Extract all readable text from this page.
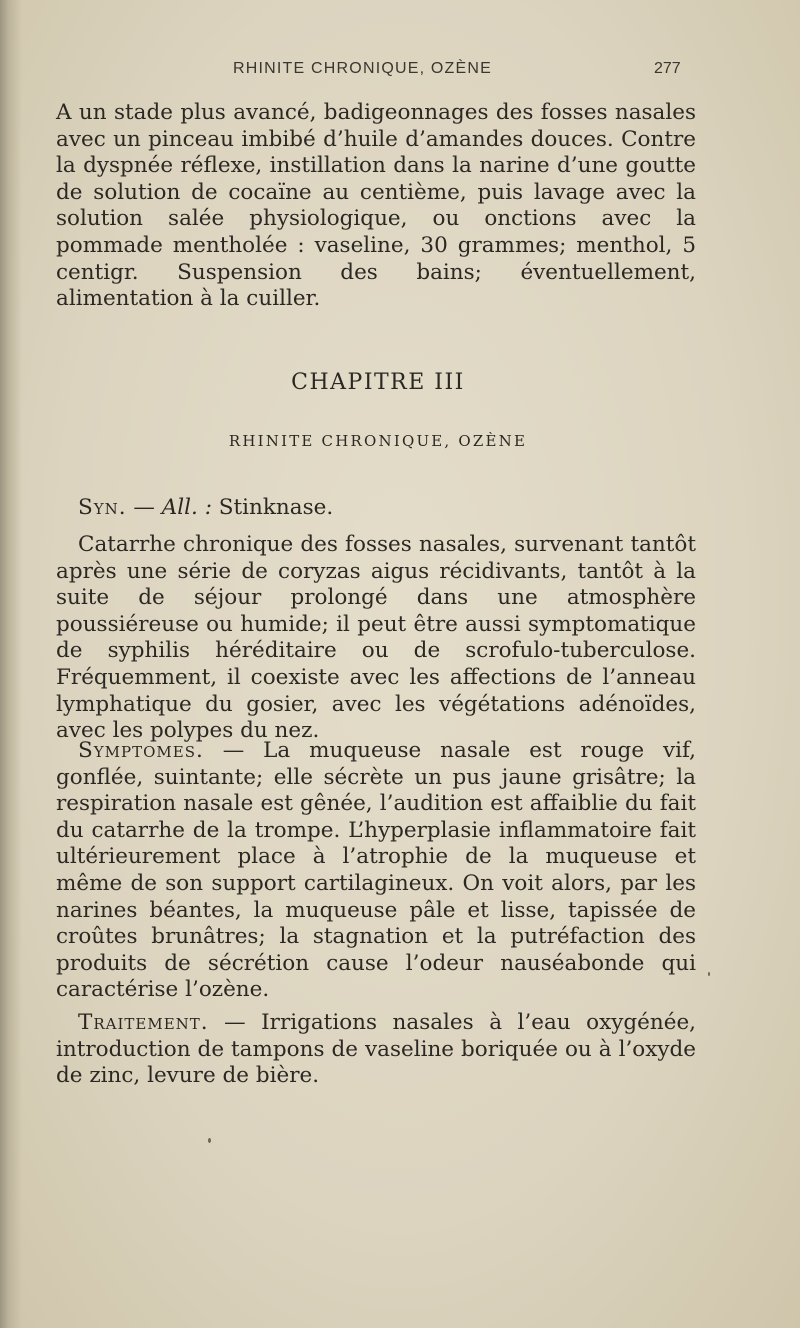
RHINITE CHRONIQUE, OZÈNE	277

A un stade plus avancé, badigeonnages des fosses nasales avec un pinceau imbibé d’huile d’amandes douces. Contre la dyspnée réflexe, instillation dans la narine d’une goutte de solution de cocaïne au centième, puis lavage avec la solution salée physiologique, ou onctions avec la pommade mentholée : vaseline, 30 grammes; menthol, 5 centigr. Suspension des bains; éventuellement, alimentation à la cuiller.

CHAPITRE III
RHINITE CHRONIQUE, OZÈNE

Syn. — All. : Stinknase.

Catarrhe chronique des fosses nasales, survenant tantôt après une série de coryzas aigus récidivants, tantôt à la suite de séjour prolongé dans une atmosphère poussiéreuse ou humide; il peut être aussi symptomatique de syphilis héréditaire ou de scrofulo-tuberculose. Fréquemment, il coexiste avec les affections de l’anneau lymphatique du gosier, avec les végétations adénoïdes, avec les polypes du nez.

Symptomes. — La muqueuse nasale est rouge vif, gonflée, suintante; elle sécrète un pus jaune grisâtre; la respiration nasale est gênée, l’audition est affaiblie du fait du catarrhe de la trompe. L’hyperplasie inflammatoire fait ultérieurement place à l’atrophie de la muqueuse et même de son support cartilagineux. On voit alors, par les narines béantes, la muqueuse pâle et lisse, tapissée de croûtes brunâtres; la stagnation et la putréfaction des produits de sécrétion cause l’odeur nauséabonde qui caractérise l’ozène.

Traitement. — Irrigations nasales à l’eau oxygénée, introduction de tampons de vaseline boriquée ou à l’oxyde de zinc, levure de bière.
